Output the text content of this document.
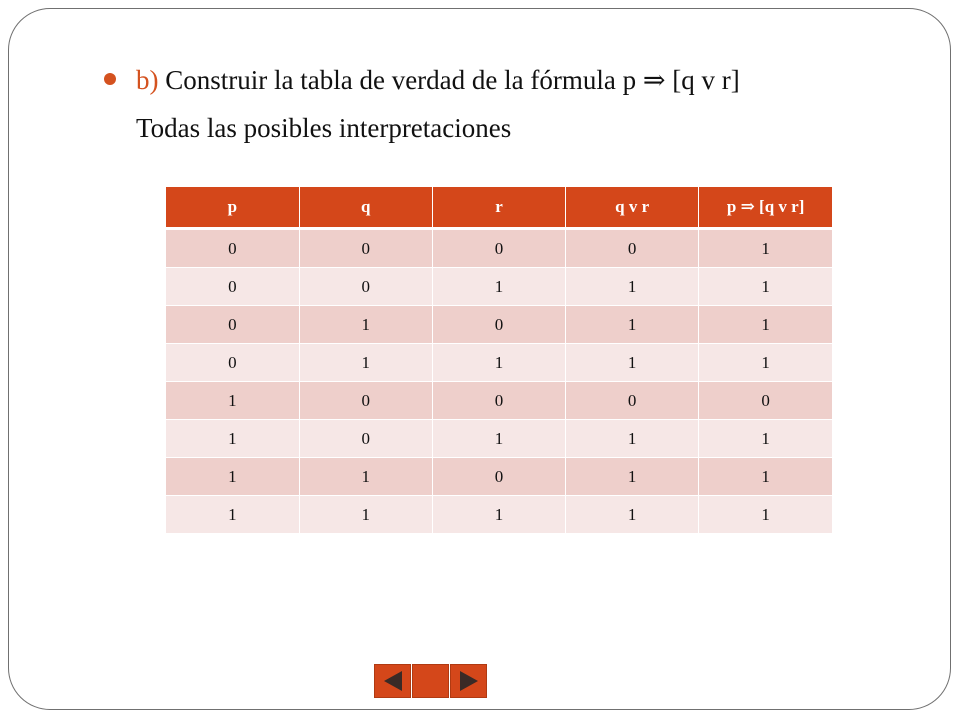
b) Construir la tabla de verdad de la fórmula p ⇒ [q v r]
Todas las posibles interpretaciones
p	q	r	q v r	p ⇒ [q v r]
0	0	0	0	1
0	0	1	1	1
0	1	0	1	1
0	1	1	1	1
1	0	0	0	0
1	0	1	1	1
1	1	0	1	1
1	1	1	1	1
